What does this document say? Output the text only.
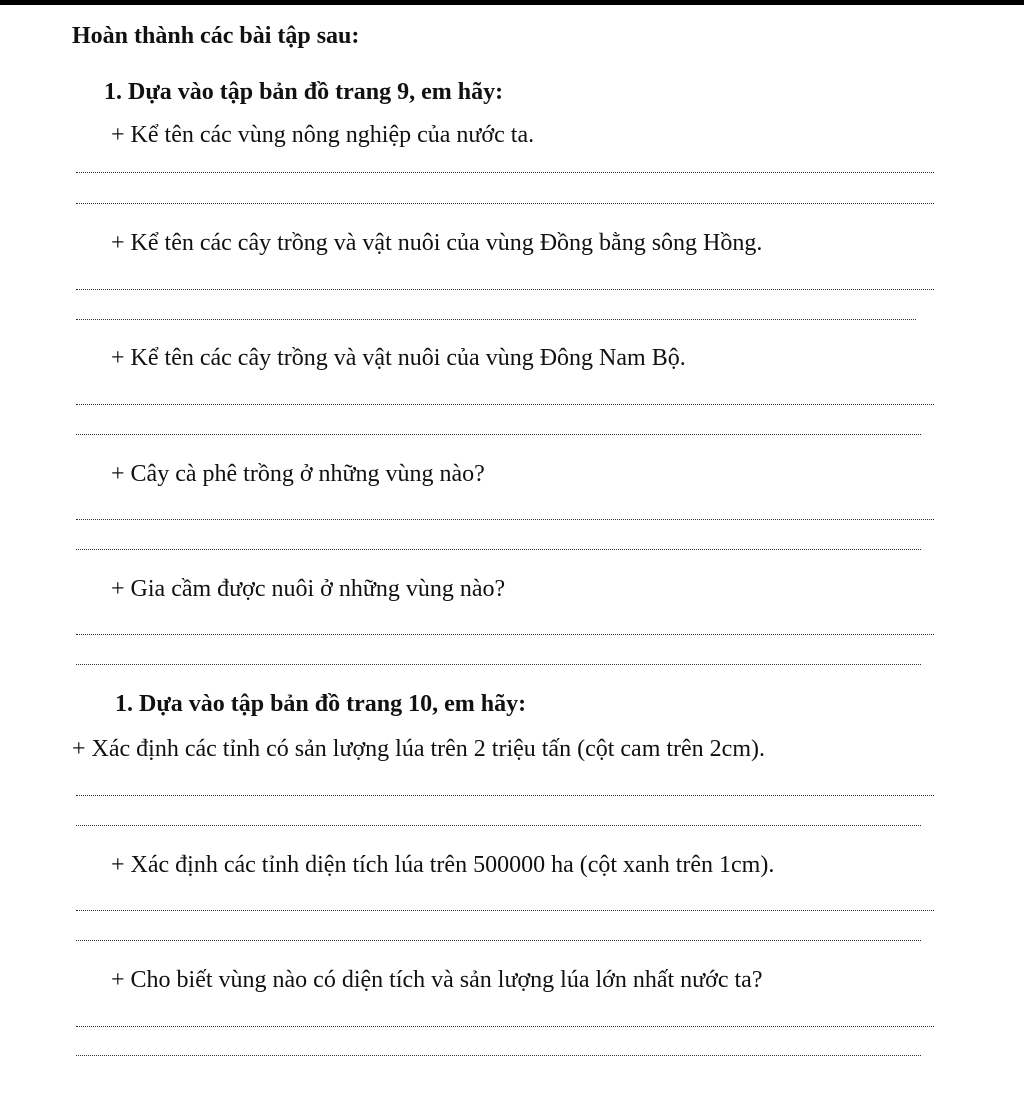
Hoàn thành các bài tập sau:
1. Dựa vào tập bản đồ trang 9, em hãy:
+ Kể tên các vùng nông nghiệp của nước ta.
+ Kể tên các cây trồng và vật nuôi của vùng Đồng bằng sông Hồng.
+ Kể tên các cây trồng và vật nuôi của vùng Đông Nam Bộ.
+ Cây cà phê trồng ở những vùng nào?
+ Gia cầm được nuôi ở những vùng nào?
1. Dựa vào tập bản đồ trang 10, em hãy:
+ Xác định các tỉnh có sản lượng lúa trên 2 triệu tấn (cột cam trên 2cm).
+ Xác định các tỉnh diện tích lúa trên 500000 ha (cột xanh trên 1cm).
+ Cho biết vùng nào có diện tích và sản lượng lúa lớn nhất nước ta?
